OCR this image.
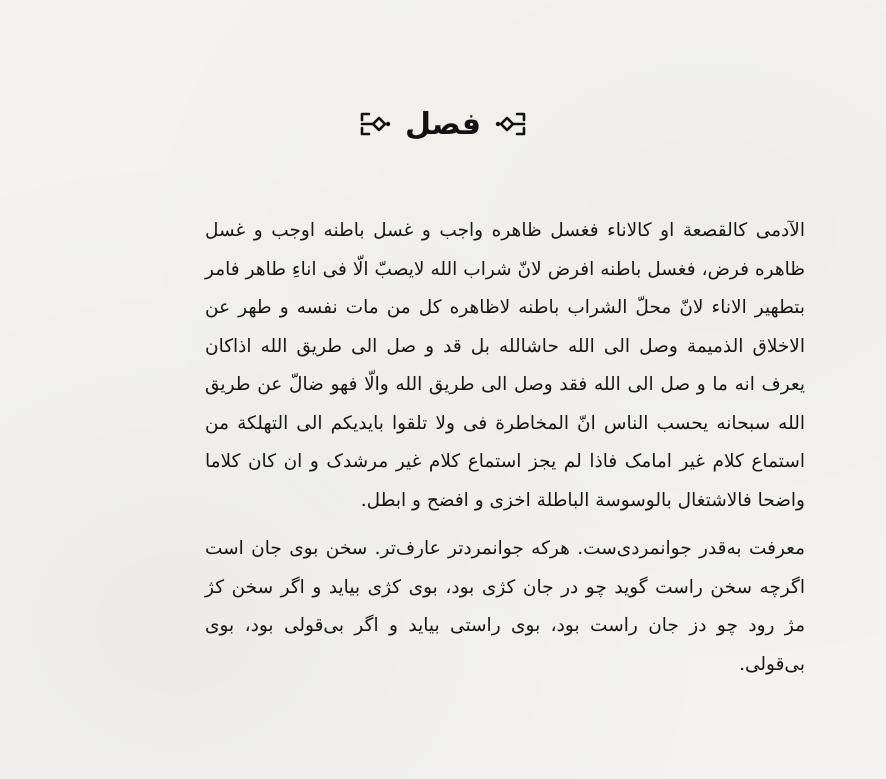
فصل

الآدمی کالقصعة او کالاناء فغسل ظاهره واجب و غسل باطنه اوجب و غسل ظاهره فرض، فغسل باطنه افرض لانّ شراب الله لایصبّ الّا فی اناءِ طاهر فامر بتطهیر الاناء لانّ محلّ الشراب باطنه لاظاهره کل من مات نفسه و طهر عن الاخلاق الذمیمة وصل الی الله حاشالله بل قد و صل الی طریق الله اذاکان یعرف انه ما و صل الی الله فقد وصل الی طریق الله والّا فهو ضالّ عن طریق الله سبحانه یحسب الناس انّ المخاطرة فی ولا تلقوا بایدیکم الی التهلکة من استماع کلام غیر امامک فاذا لم یجز استماع کلام غیر مرشدک و ان کان کلاما واضحا فالاشتغال بالوسوسة الباطلة اخزی و افضح و ابطل.

معرفت به‌قدر جوانمردی‌ست. هر‌که جوانمردتر عارف‌تر. سخن بوی جان است اگرچه سخن راست گوید چو در جان کژی بود، بوی کژی بیاید و اگر سخن کژ مژ رود چو دز جان راست بود، بوی راستی بیاید و اگر بی‌قولی بود، بوی بی‌قولی.
